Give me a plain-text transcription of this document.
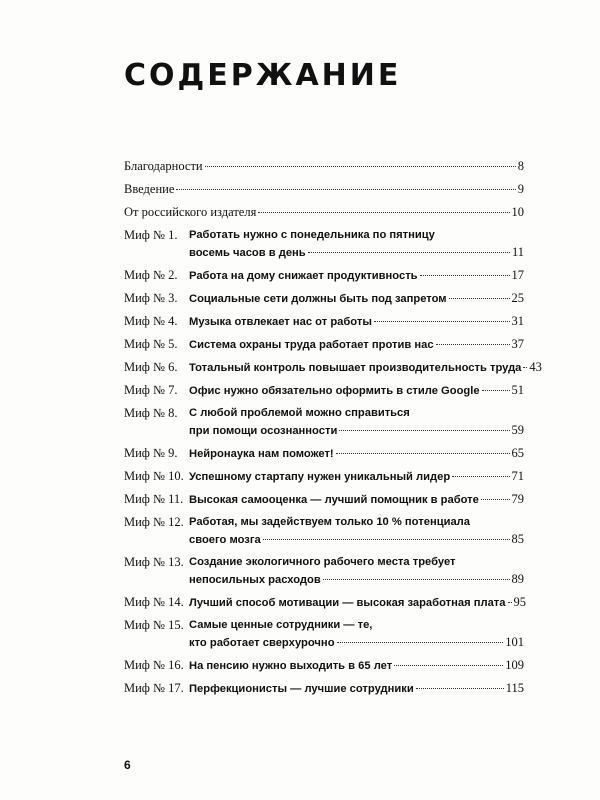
СОДЕРЖАНИЕ
Благодарности	8
Введение	9
От российского издателя	10
Миф № 1.	Работать нужно с понедельника по пятницу
восемь часов в день	11
Миф № 2.	Работа на дому снижает продуктивность	17
Миф № 3.	Социальные сети должны быть под запретом	25
Миф № 4.	Музыка отвлекает нас от работы	31
Миф № 5.	Система охраны труда работает против нас	37
Миф № 6.	Тотальный контроль повышает производительность труда 43
Миф № 7.	Офис нужно обязательно оформить в стиле Google	51
Миф № 8.	С любой проблемой можно справиться
при помощи осознанности	59
Миф № 9.	Нейронаука нам поможет!	65
Миф № 10. Успешному стартапу нужен уникальный лидер	71
Миф № 11. Высокая самооценка — лучший помощник в работе	79
Миф № 12. Работая, мы задействуем только 10 % потенциала
своего мозга	85
Миф № 13. Создание экологичного рабочего места требует
непосильных расходов	89
Миф № 14. Лучший способ мотивации — высокая заработная плата 95
Миф № 15. Самые ценные сотрудники — те,
кто работает сверхурочно	101
Миф № 16. На пенсию нужно выходить в 65 лет	109
Миф № 17. Перфекционисты — лучшие сотрудники	115
6
